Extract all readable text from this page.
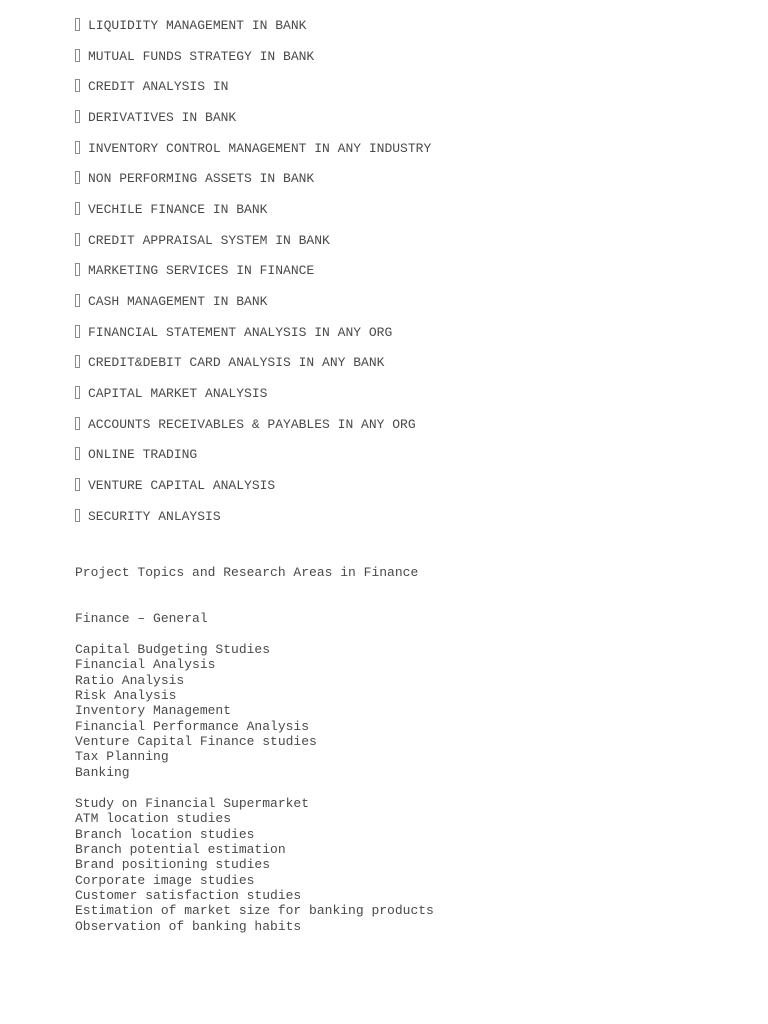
LIQUIDITY MANAGEMENT IN BANK
MUTUAL FUNDS STRATEGY IN BANK
CREDIT ANALYSIS IN
DERIVATIVES IN BANK
INVENTORY CONTROL MANAGEMENT IN ANY INDUSTRY
NON PERFORMING ASSETS IN BANK
VECHILE FINANCE IN BANK
CREDIT APPRAISAL SYSTEM IN BANK
MARKETING SERVICES IN FINANCE
CASH MANAGEMENT IN BANK
FINANCIAL STATEMENT ANALYSIS IN ANY ORG
CREDIT&DEBIT CARD ANALYSIS IN ANY BANK
CAPITAL MARKET ANALYSIS
ACCOUNTS RECEIVABLES & PAYABLES IN ANY ORG
ONLINE TRADING
VENTURE CAPITAL ANALYSIS
SECURITY ANLAYSIS
Project Topics and Research Areas in Finance
Finance – General
Capital Budgeting Studies
Financial Analysis
Ratio Analysis
Risk Analysis
Inventory Management
Financial Performance Analysis
Venture Capital Finance studies
Tax Planning
Banking
Study on Financial Supermarket
ATM location studies
Branch location studies
Branch potential estimation
Brand positioning studies
Corporate image studies
Customer satisfaction studies
Estimation of market size for banking products
Observation of banking habits
